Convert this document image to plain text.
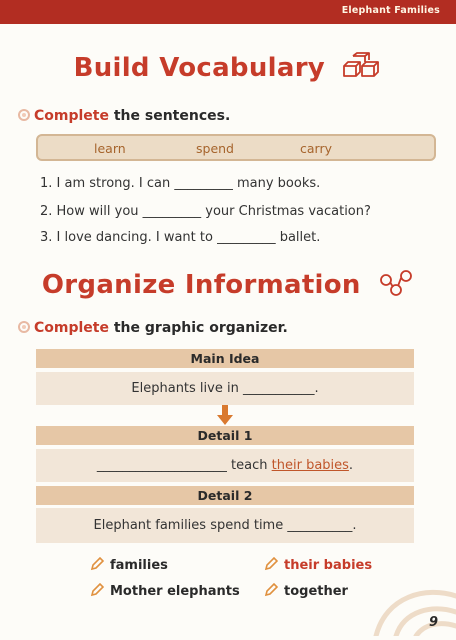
Elephant Families
Build Vocabulary
Complete the sentences.
learn	spend	carry
1. I am strong. I can _________ many books.
2. How will you _________ your Christmas vacation?
3. I love dancing. I want to _________ ballet.
Organize Information
Complete the graphic organizer.
Main Idea
Elephants live in ___________.
Detail 1
____________________ teach their babies.
Detail 2
Elephant families spend time __________.
families	their babies
Mother elephants	together
9
